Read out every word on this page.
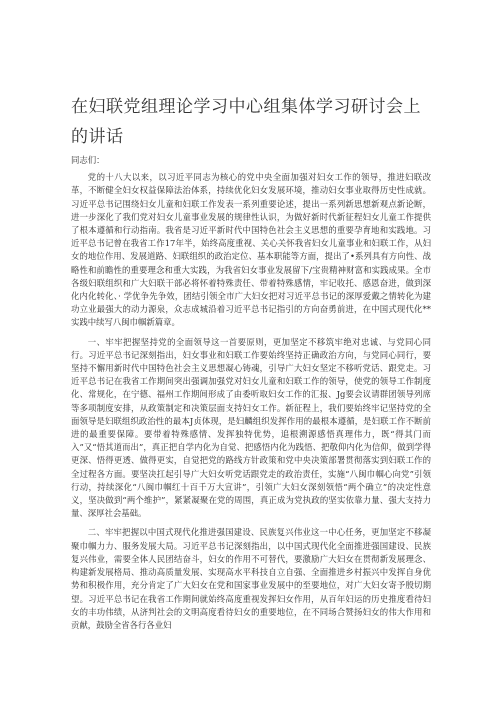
在妇联党组理论学习中心组集体学习研讨会上的讲话

同志们：

党的十八大以来，以习近平同志为核心的党中央全面加强对妇女工作的领导，推进妇联改革，不断健全妇女权益保障法治体系，持续优化妇女发展环境，推动妇女事业取得历史性成就。习近平总书记围绕妇女儿童和妇联工作发表一系列重要论述，提出一系列新思想新观点新论断，进一步深化了我们党对妇女儿童事业发展的规律性认识，为做好新时代新征程妇女儿童工作提供了根本遵循和行动指南。我省是习近平新时代中国特色社会主义思想的重要孕育地和实践地。习近平总书记曾在我省工作17年半，始终高度重视、关心关怀我省妇女儿童事业和妇联工作，从妇女的地位作用、发展道路、妇联组织的政治定位、基本职能等方面，提出了•系列具有方向性、战略性和前瞻性的重要理念和重大实践，为我省妇女事业发展留下/宝贵精神财富和实践成果。全市各级妇联组织和广大妇联干部必将怀着特殊责任、带着特殊感情，牢记收托、感恩奋进，做到深化内化转化、· 学优争先争效，团结引领全市广大妇女把对习近平总书记的深厚爱戴之情转化为建功立业最强大的动力源泉，众志成城沿着习近平总书记指引的方向奋勇前进，在中国式现代化**实践中续写八闽巾帼新篇章。

一、牢牢把握坚持党的全面领导这一首要原则，更加坚定不移筑牢绝对忠诚、与党同心同行。习近平总书记深刻指出，妇女事业和妇联工作要始终坚持正确政治方向，与党同心同行，要坚持不懈用新时代中国特色社会主义思想凝心铸魂，引导广大妇女坚定不移听党话、跟党走。习近平总书记在我省工作期间突出强调加强党对妇女儿童和妇联工作的领导，使党的领导工作制度化、常规化，在宁德、福州工作期间形成了由委听取妇女工作的汇报、Jg要会议请群团领导列席等多项制度安排，从政策制定和决策层面支持妇女工作。新征程上，我们要始终牢记坚持党的全面领导是妇联组织政治性的最本J贞体现，是妇麟组织发挥作用的最根本遵循，是妇联工作不断前进的最重要保障。要带着特殊感情、发挥独特优势，追根溯源感悟真理伟力，既“得其门而入”又“悟其道而出”，真正把自学内化为自觉、把感悟内化为践悟、把敬仰内化为信仰，做到学得更深、悟得更透、做得更实，自觉把党的路线方针政策和党中央决策部署贯彻落实到妇联工作的全过程各方面。要坚决扛起引导广大妇女听党话跟党走的政治责任，实施“八闽巾帼心向党”引领行动，持续深化“八闽巾帼红十百千万大宣讲”，引领广大妇女深刻领悟“两个确立”的决定性意义，坚决做到“两个维护”，紧紧凝聚在党的周围，真正成为党执政的坚实依靠力量、强大支持力量、深厚社会基础。

二、牢牢把握以中国式现代化推进强国建设、民族复兴伟业这一中心任务，更加坚定不移凝聚巾帼力力、服务发展大局。习近平总书记深刻指出，以中国式现代化全面推进强国建设、民族复兴伟业，需要全体人民团结奋斗，妇女的作用不可替代，要激励广大妇女在贯彻新发展理念、构建新发展格局、推动高质量发展、实现高水平科技自立自强、全面推进乡村振兴中发挥自身优势和积极作用，充分肯定了广大妇女在党和国家事业发展中的至要地位，对广大妇女寄予殷切期望。习近平总书记在我省工作期间就始终高度重视发挥妇女作用，从百年妇运的历史推度看待妇女的丰功伟绩，从济判社会的文明高度看待妇女的重要地位，在不同场合赞扬妇女的伟大作用和贡献，鼓励全省各行各业妇
